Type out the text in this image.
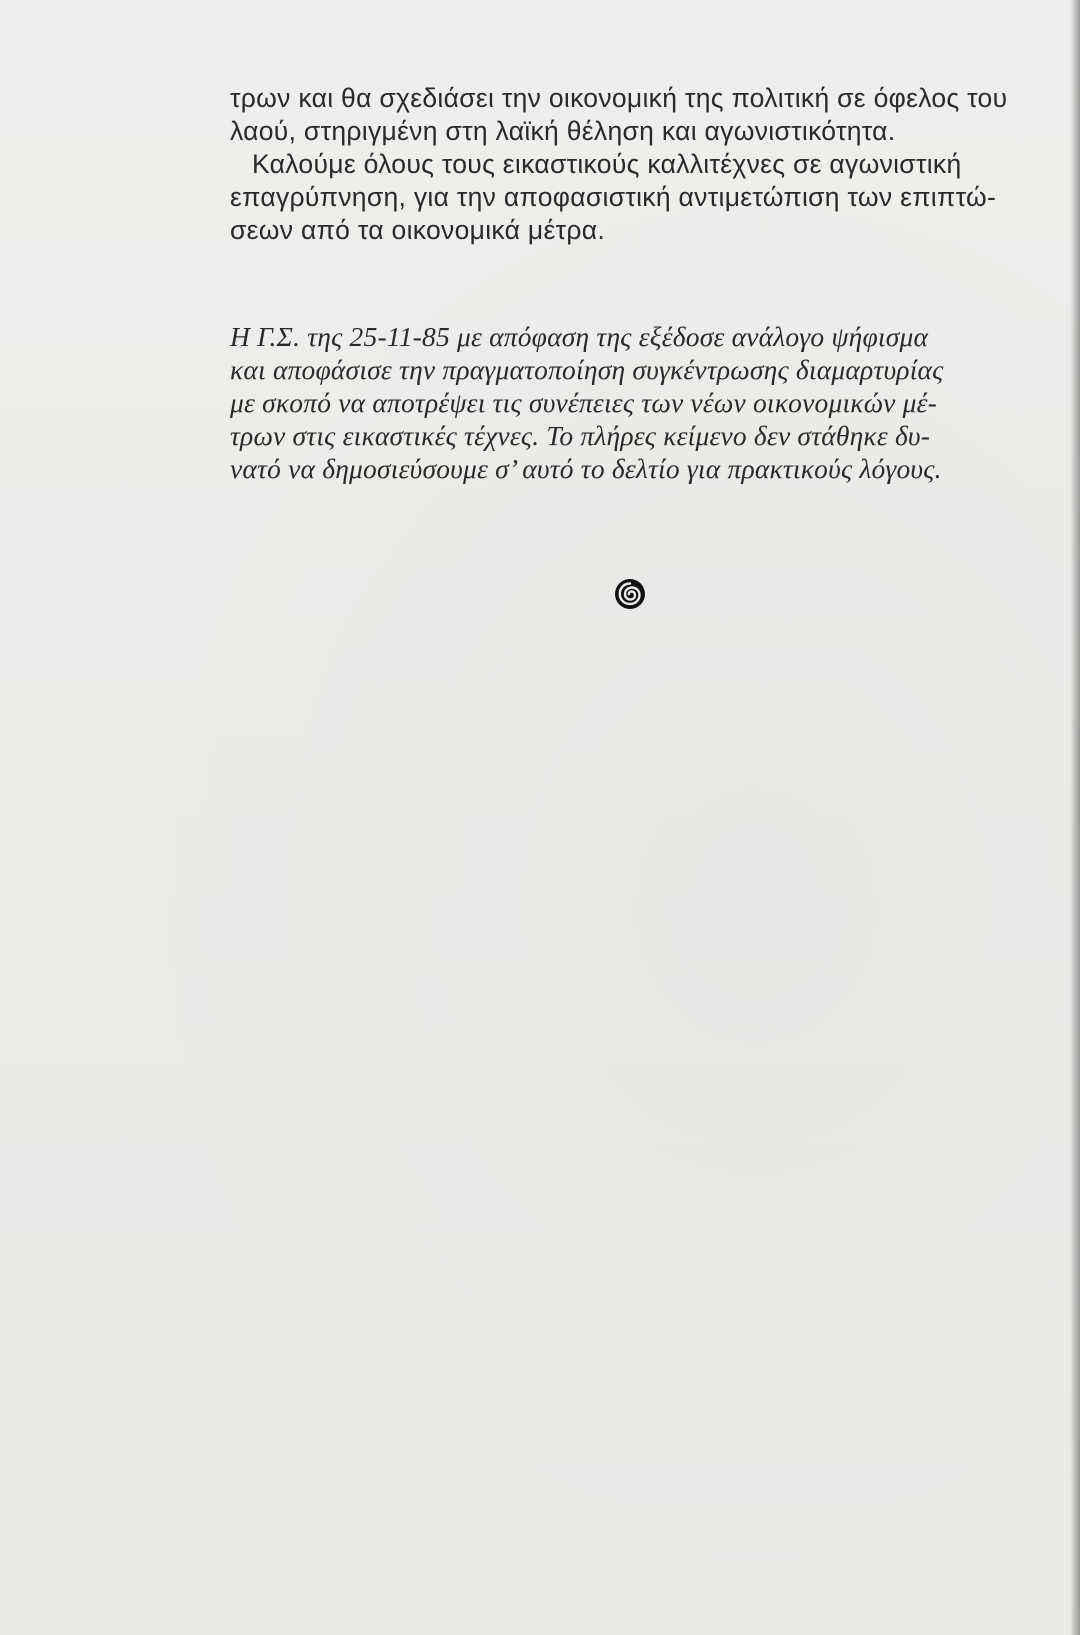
τρων και θα σχεδιάσει την οικονομική της πολιτική σε όφελος του
λαού, στηριγμένη στη λαϊκή θέληση και αγωνιστικότητα.
Καλούμε όλους τους εικαστικούς καλλιτέχνες σε αγωνιστική
επαγρύπνηση, για την αποφασιστική αντιμετώπιση των επιπτώ-
σεων από τα οικονομικά μέτρα.
Η Γ.Σ. της 25-11-85 με απόφαση της εξέδοσε ανάλογο ψήφισμα
και αποφάσισε την πραγματοποίηση συγκέντρωσης διαμαρτυρίας
με σκοπό να αποτρέψει τις συνέπειες των νέων οικονομικών μέ-
τρων στις εικαστικές τέχνες. Το πλήρες κείμενο δεν στάθηκε δυ-
νατό να δημοσιεύσουμε σ’ αυτό το δελτίο για πρακτικούς λόγους.
